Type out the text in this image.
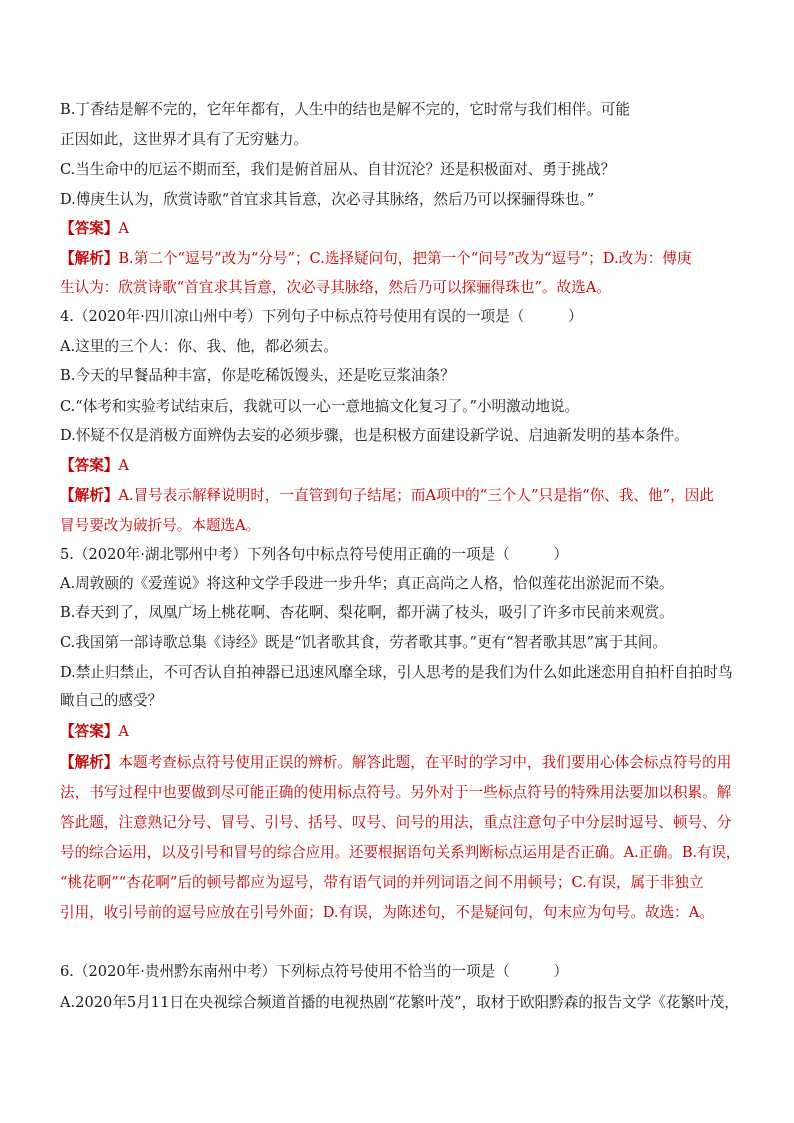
B.丁香结是解不完的，它年年都有，人生中的结也是解不完的，它时常与我们相伴。可能
正因如此，这世界才具有了无穷魅力。
C.当生命中的厄运不期而至，我们是俯首屈从、自甘沉沦？还是积极面对、勇于挑战？
D.傅庚生认为，欣赏诗歌“首宜求其旨意，次必寻其脉络，然后乃可以探骊得珠也。”
【答案】A
【解析】B.第二个“逗号”改为“分号”；C.选择疑问句，把第一个“问号”改为“逗号”；D.改为：傅庚
生认为：欣赏诗歌“首宜求其旨意，次必寻其脉络，然后乃可以探骊得珠也”。故选A。
4.（2020年·四川凉山州中考）下列句子中标点符号使用有误的一项是（　　　）
A.这里的三个人：你、我、他，都必须去。
B.今天的早餐品种丰富，你是吃稀饭馒头，还是吃豆浆油条？
C.“体考和实验考试结束后，我就可以一心一意地搞文化复习了。”小明激动地说。
D.怀疑不仅是消极方面辨伪去妄的必须步骤，也是积极方面建设新学说、启迪新发明的基本条件。
【答案】A
【解析】A.冒号表示解释说明时，一直管到句子结尾；而A项中的“三个人”只是指“你、我、他”，因此
冒号要改为破折号。本题选A。
5.（2020年·湖北鄂州中考）下列各句中标点符号使用正确的一项是（　　　）
A.周敦颐的《爱莲说》将这种文学手段进一步升华；真正高尚之人格，恰似莲花出淤泥而不染。
B.春天到了，凤凰广场上桃花啊、杏花啊、梨花啊，都开满了枝头，吸引了许多市民前来观赏。
C.我国第一部诗歌总集《诗经》既是“饥者歌其食，劳者歌其事。”更有“智者歌其思”寓于其间。
D.禁止归禁止，不可否认自拍神器已迅速风靡全球，引人思考的是我们为什么如此迷恋用自拍杆自拍时鸟
瞰自己的感受？
【答案】A
【解析】本题考查标点符号使用正误的辨析。解答此题，在平时的学习中，我们要用心体会标点符号的用
法，书写过程中也要做到尽可能正确的使用标点符号。另外对于一些标点符号的特殊用法要加以积累。解
答此题，注意熟记分号、冒号、引号、括号、叹号、问号的用法，重点注意句子中分层时逗号、顿号、分
号的综合运用，以及引号和冒号的综合应用。还要根据语句关系判断标点运用是否正确。A.正确。B.有误，
“桃花啊”“杏花啊”后的顿号都应为逗号，带有语气词的并列词语之间不用顿号；C.有误，属于非独立
引用，收引号前的逗号应放在引号外面；D.有误，为陈述句，不是疑问句，句末应为句号。故选：A。
6.（2020年·贵州黔东南州中考）下列标点符号使用不恰当的一项是（　　　）
A.2020年5月11日在央视综合频道首播的电视热剧“花繁叶茂”，取材于欧阳黔森的报告文学《花繁叶茂，
